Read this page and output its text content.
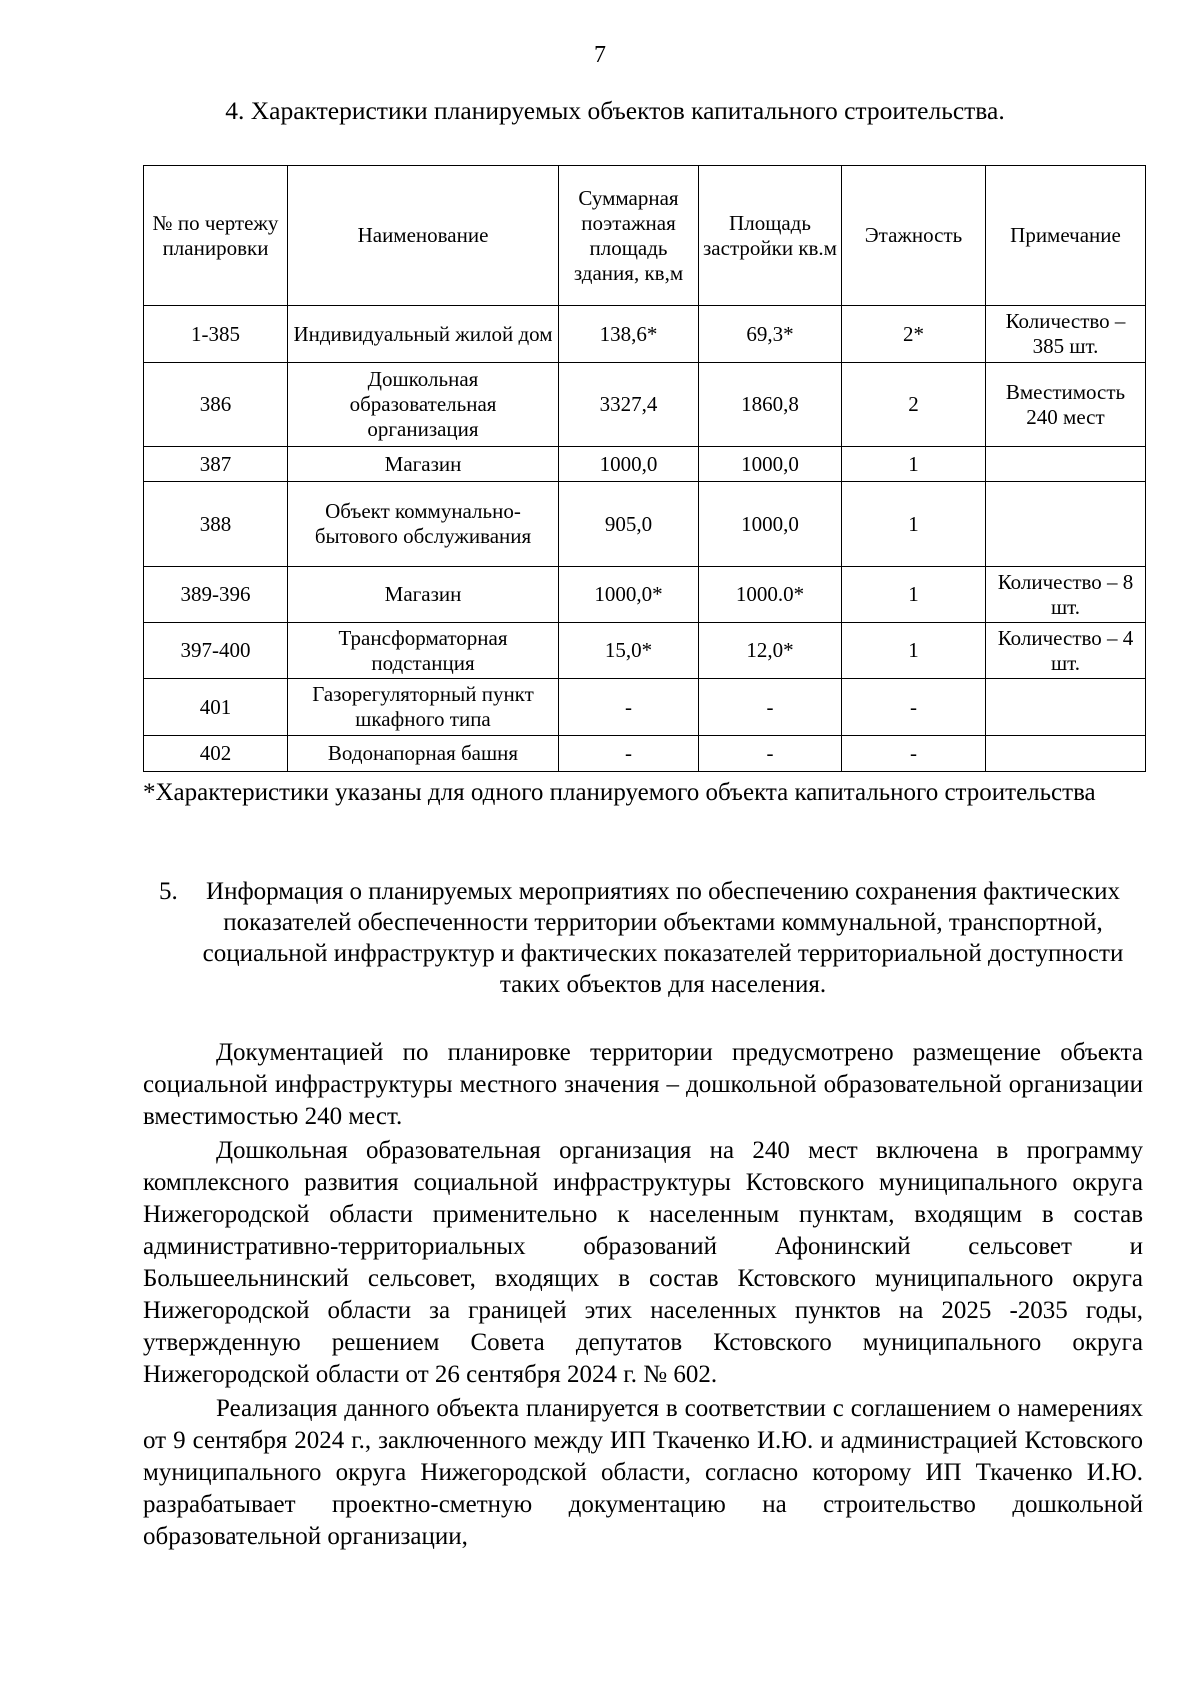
7
4. Характеристики планируемых объектов капитального строительства.
№ по чертежу планировки	Наименование	Суммарная поэтажная площадь здания, кв,м	Площадь застройки кв.м	Этажность	Примечание
1-385	Индивидуальный жилой дом	138,6*	69,3*	2*	Количество – 385 шт.
386	Дошкольная образовательная организация	3327,4	1860,8	2	Вместимость 240 мест
387	Магазин	1000,0	1000,0	1	
388	Объект коммунально-бытового обслуживания	905,0	1000,0	1	
389-396	Магазин	1000,0*	1000.0*	1	Количество – 8 шт.
397-400	Трансформаторная подстанция	15,0*	12,0*	1	Количество – 4 шт.
401	Газорегуляторный пункт шкафного типа	-	-	-	
402	Водонапорная башня	-	-	-	
*Характеристики указаны для одного планируемого объекта капитального строительства
5.	Информация о планируемых мероприятиях по обеспечению сохранения фактических показателей обеспеченности территории объектами коммунальной, транспортной, социальной инфраструктур и фактических показателей территориальной доступности таких объектов для населения.

Документацией по планировке территории предусмотрено размещение объекта социальной инфраструктуры местного значения – дошкольной образовательной организации вместимостью 240 мест.

Дошкольная образовательная организация на 240 мест включена в программу комплексного развития социальной инфраструктуры Кстовского муниципального округа Нижегородской области применительно к населенным пунктам, входящим в состав административно-территориальных образований Афонинский сельсовет и Большеельнинский сельсовет, входящих в состав Кстовского муниципального округа Нижегородской области за границей этих населенных пунктов на 2025 -2035 годы, утвержденную решением Совета депутатов Кстовского муниципального округа Нижегородской области от 26 сентября 2024 г. № 602.

Реализация данного объекта планируется в соответствии с соглашением о намерениях от 9 сентября 2024 г., заключенного между ИП Ткаченко И.Ю. и администрацией Кстовского муниципального округа Нижегородской области, согласно которому ИП Ткаченко И.Ю. разрабатывает проектно-сметную документацию на строительство дошкольной образовательной организации,
